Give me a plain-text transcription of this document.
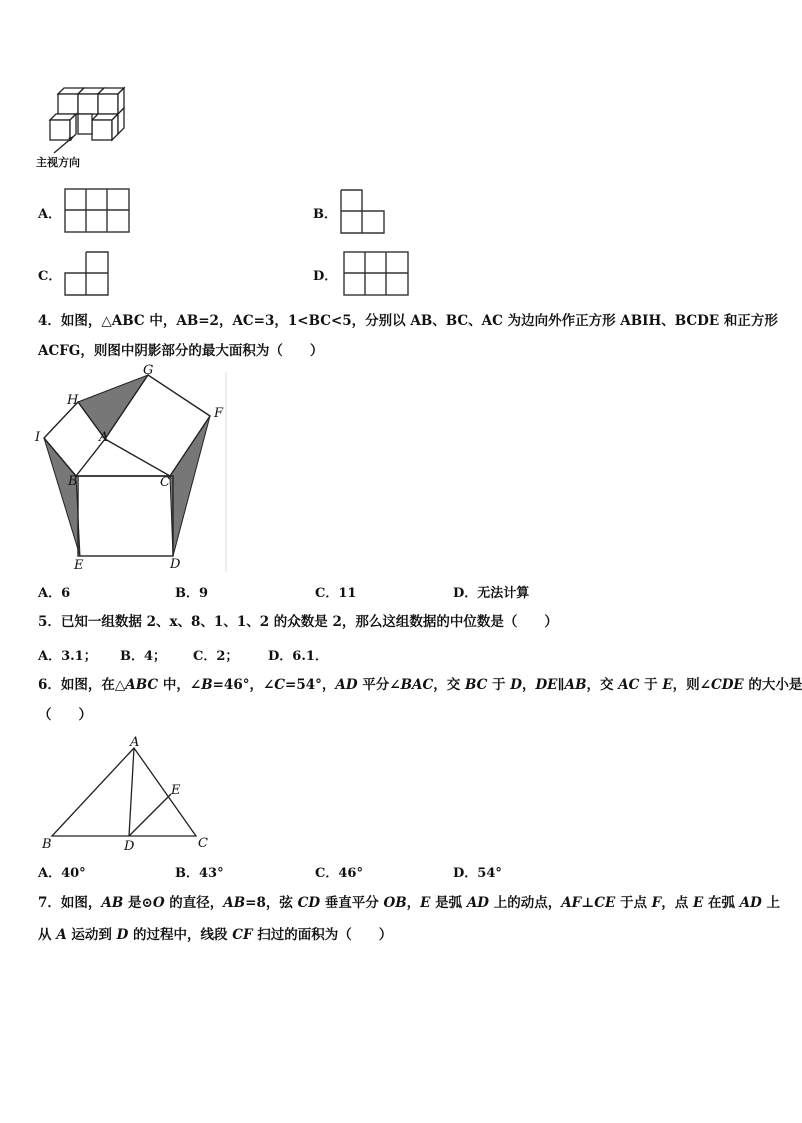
主视方向
A．	B．
C．	D．
4．如图，△ABC 中，AB=2，AC=3，1<BC<5，分别以 AB、BC、AC 为边向外作正方形 ABIH、BCDE 和正方形
ACFG，则图中阴影部分的最大面积为（　　）
G
H
F
I	A
B	C
E	D
A．6	B．9	C．11	D．无法计算
5．已知一组数据 2、x、8、1、1、2 的众数是 2，那么这组数据的中位数是（　　）
A．3.1； B．4； C．2； D．6.1．
6．如图，在△ABC 中，∠B=46°，∠C=54°，AD 平分∠BAC，交 BC 于 D，DE∥AB，交 AC 于 E，则∠CDE 的大小是
（　　）
A
E
B	D	C
A．40°	B．43°	C．46°	D．54°
7．如图，AB 是⊙O 的直径，AB=8，弦 CD 垂直平分 OB，E 是弧 AD 上的动点，AF⊥CE 于点 F，点 E 在弧 AD 上
从 A 运动到 D 的过程中，线段 CF 扫过的面积为（　　）
